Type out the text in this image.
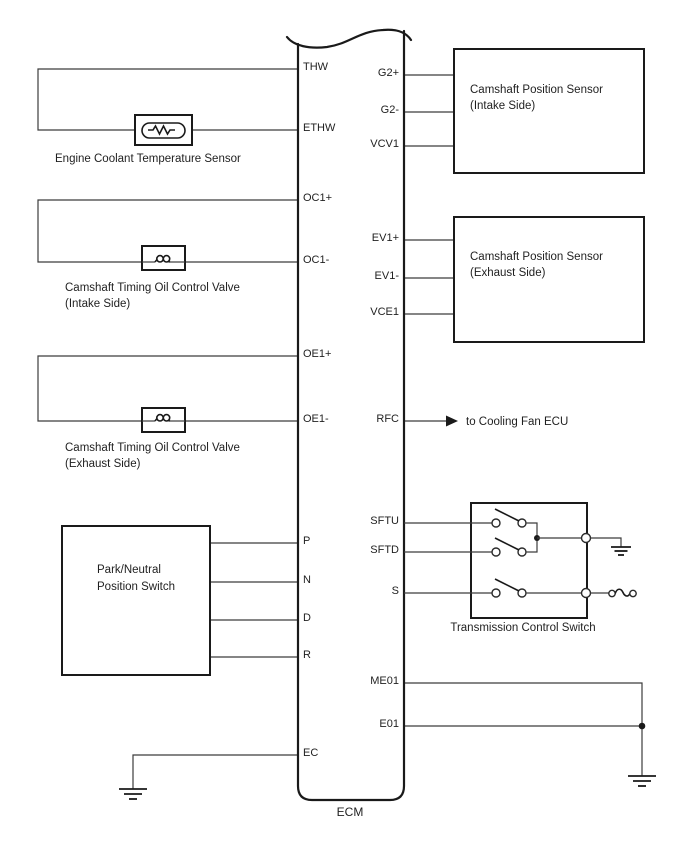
to Cooling Fan ECU
ECM
THW
ETHW
OC1+
OC1-
OE1+
OE1-
P
N
D
R
EC
G2+
G2-
VCV1
EV1+
EV1-
VCE1
RFC
SFTU
SFTD
S
ME01
E01
Engine Coolant Temperature Sensor
Camshaft Timing Oil Control Valve
(Intake Side)
Camshaft Timing Oil Control Valve
(Exhaust Side)
Park/Neutral
Position Switch
Camshaft Position Sensor
(Intake Side)
Camshaft Position Sensor
(Exhaust Side)
Transmission Control Switch
